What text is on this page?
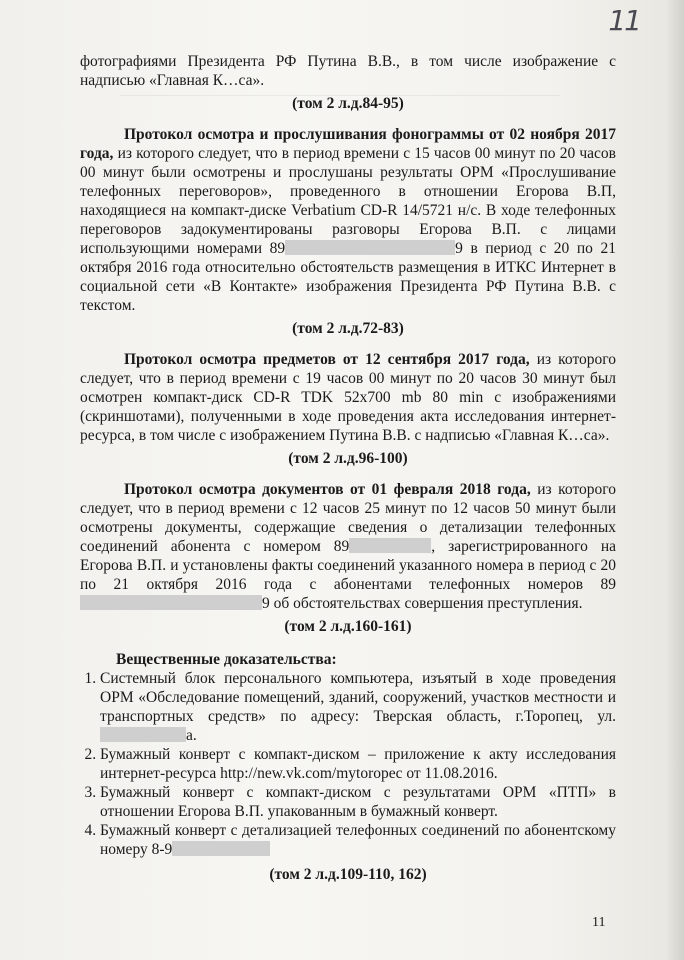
11

фотографиями Президента РФ Путина В.В., в том числе изображение с надписью «Главная К…са».

(том 2 л.д.84-95)

Протокол осмотра и прослушивания фонограммы от 02 ноября 2017 года, из которого следует, что в период времени с 15 часов 00 минут по 20 часов 00 минут были осмотрены и прослушаны результаты ОРМ «Прослушивание телефонных переговоров», проведенного в отношении Егорова В.П, находящиеся на компакт-диске Verbatium CD-R 14/5721 н/с. В ходе телефонных переговоров задокументированы разговоры Егорова В.П. с лицами использующими номерами 89	9 в период с 20 по 21 октября 2016 года относительно обстоятельств размещения в ИТКС Интернет в социальной сети «В Контакте» изображения Президента РФ Путина В.В. с текстом.

(том 2 л.д.72-83)

Протокол осмотра предметов от 12 сентября 2017 года, из которого следует, что в период времени с 19 часов 00 минут по 20 часов 30 минут был осмотрен компакт-диск CD-R TDK 52x700 mb 80 min с изображениями (скриншотами), полученными в ходе проведения акта исследования интернет-ресурса, в том числе с изображением Путина В.В. с надписью «Главная К…са».

(том 2 л.д.96-100)

Протокол осмотра документов от 01 февраля 2018 года, из которого следует, что в период времени с 12 часов 25 минут по 12 часов 50 минут были осмотрены документы, содержащие сведения о детализации телефонных соединений абонента с номером 89	, зарегистрированного на Егорова В.П. и установлены факты соединений указанного номера в период с 20 по 21 октября 2016 года с абонентами телефонных номеров 899 об обстоятельствах совершения преступления.

(том 2 л.д.160-161)

Вещественные доказательства:

1. Системный блок персонального компьютера, изъятый в ходе проведения ОРМ «Обследование помещений, зданий, сооружений, участков местности и транспортных средств» по адресу: Тверская область, г.Торопец, ул.а.
2. Бумажный конверт с компакт-диском – приложение к акту исследования интернет-ресурса http://new.vk.com/mytoropec от 11.08.2016.
3. Бумажный конверт с компакт-диском с результатами ОРМ «ПТП» в отношении Егорова В.П. упакованным в бумажный конверт.
4. Бумажный конверт с детализацией телефонных соединений по абонентскому номеру 8-9

(том 2 л.д.109-110, 162)

11
